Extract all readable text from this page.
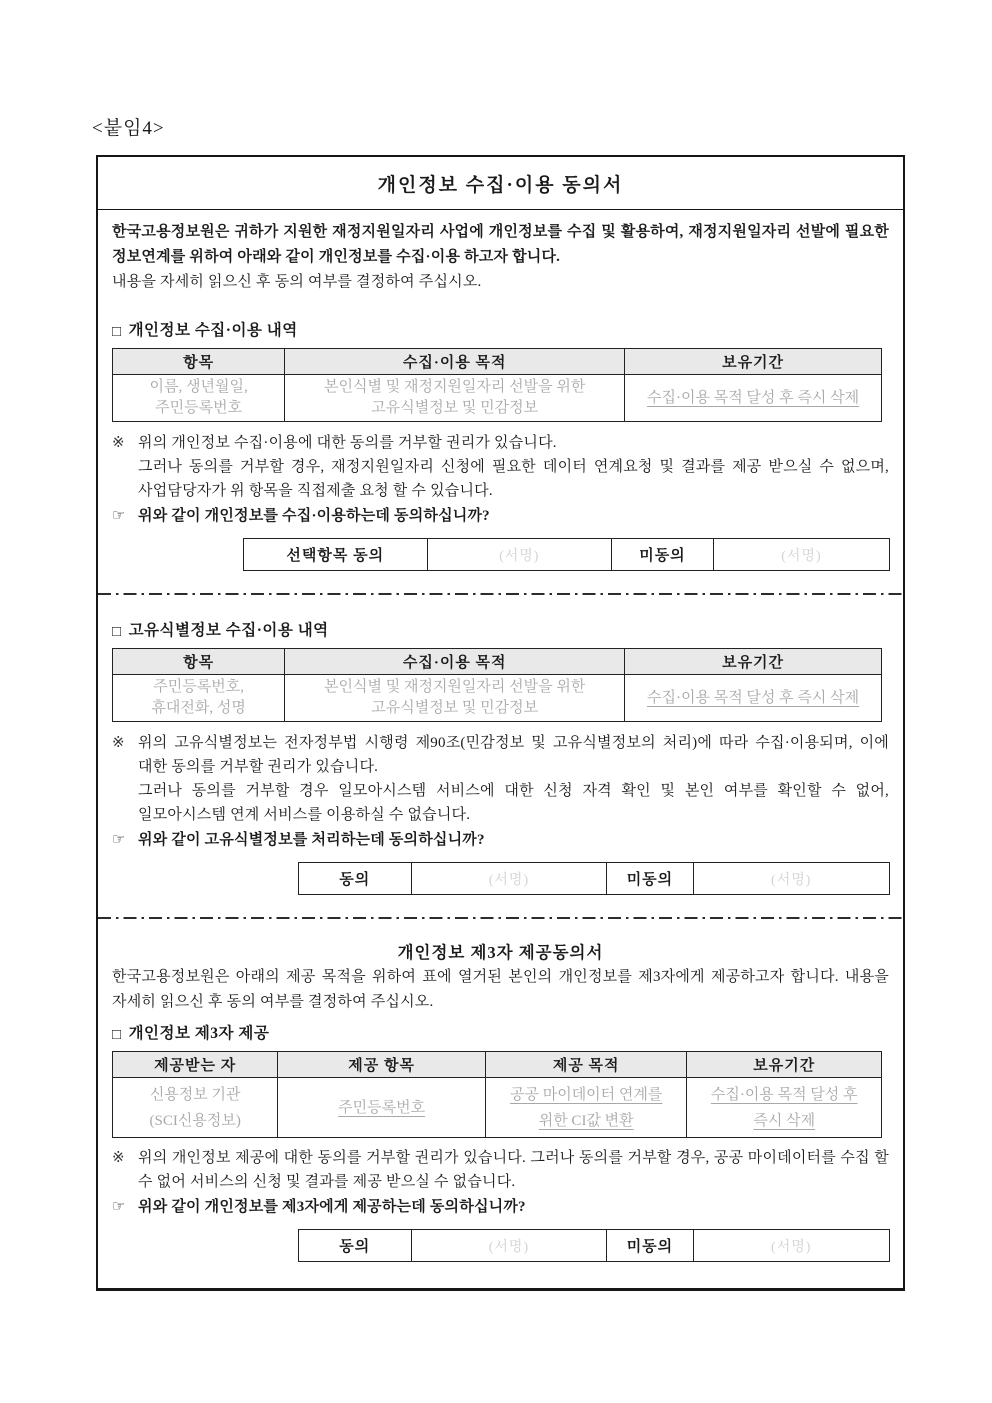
<붙임4>
개인정보 수집·이용 동의서

한국고용정보원은 귀하가 지원한 재정지원일자리 사업에 개인정보를 수집 및 활용하여, 재정지원일자리 선발에 필요한 정보연계를 위하여 아래와 같이 개인정보를 수집·이용 하고자 합니다.

내용을 자세히 읽으신 후 동의 여부를 결정하여 주십시오.

□ 개인정보 수집·이용 내역
항목	수집·이용 목적	보유기간
이름, 생년월일, 주민등록번호	본인식별 및 재정지원일자리 선발을 위한 고유식별정보 및 민감정보	수집·이용 목적 달성 후 즉시 삭제

※ 위의 개인정보 수집·이용에 대한 동의를 거부할 권리가 있습니다.

그러나 동의를 거부할 경우, 재정지원일자리 신청에 필요한 데이터 연계요청 및 결과를 제공 받으실 수 없으며, 사업담당자가 위 항목을 직접제출 요청 할 수 있습니다.

☞ 위와 같이 개인정보를 수집·이용하는데 동의하십니까?

선택항목 동의	(서명)	미동의	(서명)
□ 고유식별정보 수집·이용 내역
항목	수집·이용 목적	보유기간
주민등록번호, 휴대전화, 성명	본인식별 및 재정지원일자리 선발을 위한 고유식별정보 및 민감정보	수집·이용 목적 달성 후 즉시 삭제

※ 위의 고유식별정보는 전자정부법 시행령 제90조(민감정보 및 고유식별정보의 처리)에 따라 수집·이용되며, 이에 대한 동의를 거부할 권리가 있습니다.

그러나 동의를 거부할 경우 일모아시스템 서비스에 대한 신청 자격 확인 및 본인 여부를 확인할 수 없어, 일모아시스템 연계 서비스를 이용하실 수 없습니다.

☞ 위와 같이 고유식별정보를 처리하는데 동의하십니까?

동의	(서명)	미동의	(서명)
개인정보 제3자 제공동의서

한국고용정보원은 아래의 제공 목적을 위하여 표에 열거된 본인의 개인정보를 제3자에게 제공하고자 합니다. 내용을 자세히 읽으신 후 동의 여부를 결정하여 주십시오.

□ 개인정보 제3자 제공
제공받는 자	제공 항목	제공 목적	보유기간
신용정보 기관(SCI신용정보)	주민등록번호	공공 마이데이터 연계를 위한 CI값 변환	수집·이용 목적 달성 후 즉시 삭제

※ 위의 개인정보 제공에 대한 동의를 거부할 권리가 있습니다. 그러나 동의를 거부할 경우, 공공 마이데이터를 수집 할 수 없어 서비스의 신청 및 결과를 제공 받으실 수 없습니다.

☞ 위와 같이 개인정보를 제3자에게 제공하는데 동의하십니까?

동의	(서명)	미동의	(서명)
